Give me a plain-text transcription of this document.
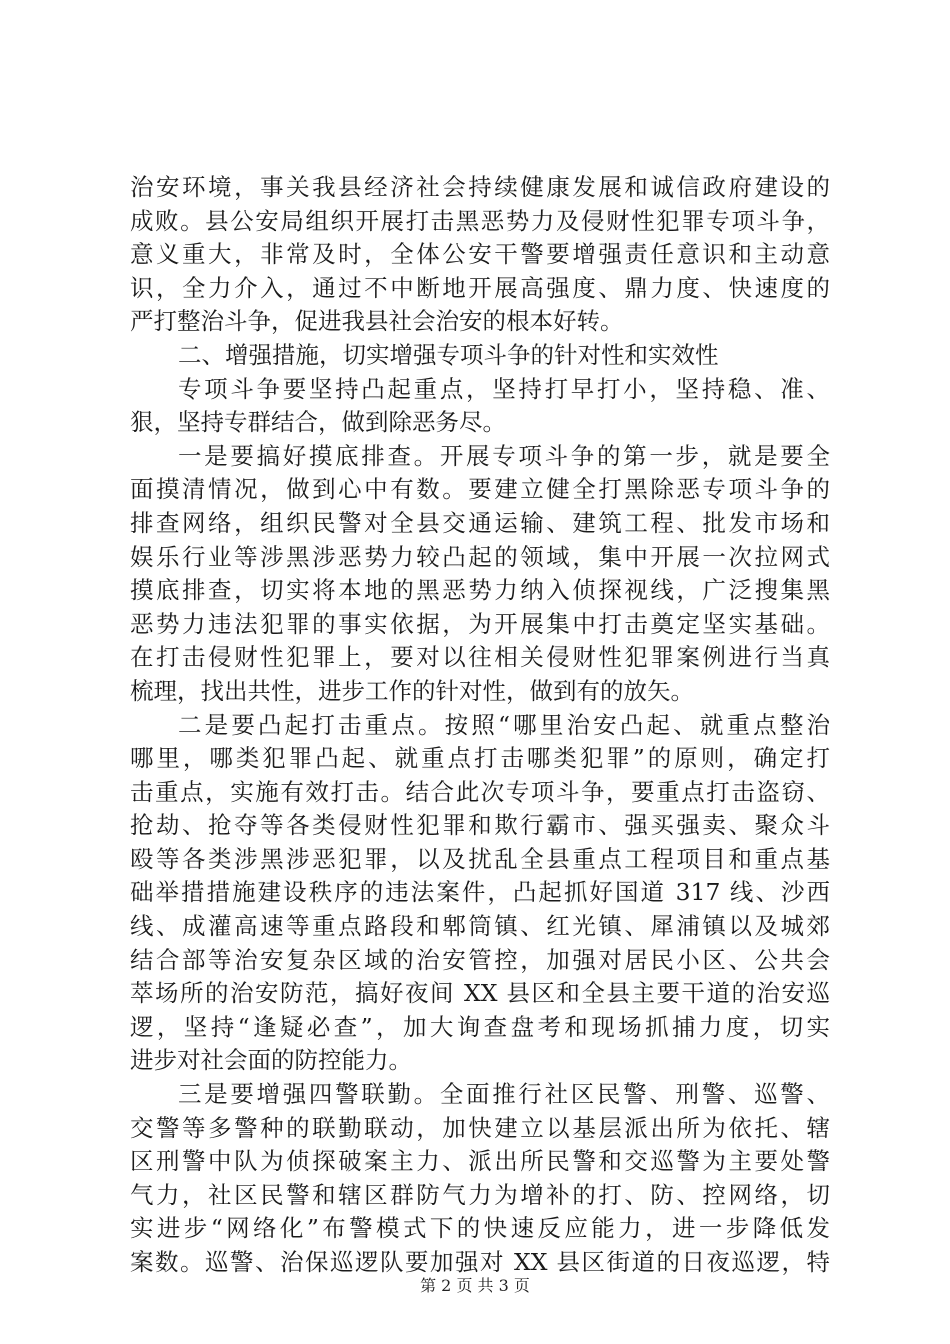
治安环境，事关我县经济社会持续健康发展和诚信政府建设的
成败。县公安局组织开展打击黑恶势力及侵财性犯罪专项斗争，
意义重大，非常及时，全体公安干警要增强责任意识和主动意
识，全力介入，通过不中断地开展高强度、鼎力度、快速度的
严打整治斗争，促进我县社会治安的根本好转。
二、增强措施，切实增强专项斗争的针对性和实效性
专项斗争要坚持凸起重点，坚持打早打小，坚持稳、准、
狠，坚持专群结合，做到除恶务尽。
一是要搞好摸底排查。开展专项斗争的第一步，就是要全
面摸清情况，做到心中有数。要建立健全打黑除恶专项斗争的
排查网络，组织民警对全县交通运输、建筑工程、批发市场和
娱乐行业等涉黑涉恶势力较凸起的领域，集中开展一次拉网式
摸底排查，切实将本地的黑恶势力纳入侦探视线，广泛搜集黑
恶势力违法犯罪的事实依据，为开展集中打击奠定坚实基础。
在打击侵财性犯罪上，要对以往相关侵财性犯罪案例进行当真
梳理，找出共性，进步工作的针对性，做到有的放矢。
二是要凸起打击重点。按照“哪里治安凸起、就重点整治
哪里，哪类犯罪凸起、就重点打击哪类犯罪”的原则，确定打
击重点，实施有效打击。结合此次专项斗争，要重点打击盗窃、
抢劫、抢夺等各类侵财性犯罪和欺行霸市、强买强卖、聚众斗
殴等各类涉黑涉恶犯罪，以及扰乱全县重点工程项目和重点基
础举措措施建设秩序的违法案件，凸起抓好国道 317 线、沙西
线、成灌高速等重点路段和郫筒镇、红光镇、犀浦镇以及城郊
结合部等治安复杂区域的治安管控，加强对居民小区、公共会
萃场所的治安防范，搞好夜间 XX 县区和全县主要干道的治安巡
逻，坚持“逢疑必查”，加大询查盘考和现场抓捕力度，切实
进步对社会面的防控能力。
三是要增强四警联勤。全面推行社区民警、刑警、巡警、
交警等多警种的联勤联动，加快建立以基层派出所为依托、辖
区刑警中队为侦探破案主力、派出所民警和交巡警为主要处警
气力，社区民警和辖区群防气力为增补的打、防、控网络，切
实进步“网络化”布警模式下的快速反应能力，进一步降低发
案数。巡警、治保巡逻队要加强对 XX 县区街道的日夜巡逻，特
第 2 页 共 3 页
